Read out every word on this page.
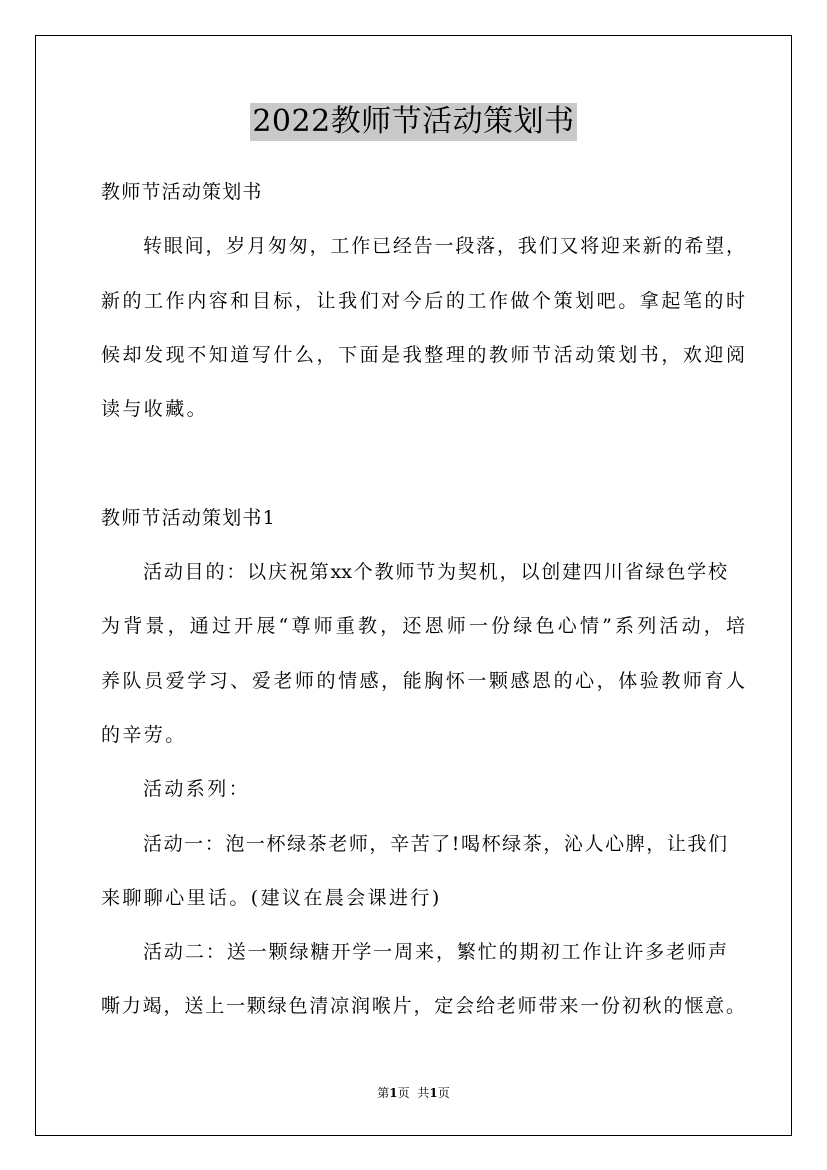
2022教师节活动策划书
教师节活动策划书
转眼间，岁月匆匆，工作已经告一段落，我们又将迎来新的希望，
新的工作内容和目标，让我们对今后的工作做个策划吧。拿起笔的时
候却发现不知道写什么，下面是我整理的教师节活动策划书，欢迎阅
读与收藏。
教师节活动策划书1
活动目的：以庆祝第xx个教师节为契机，以创建四川省绿色学校
为背景，通过开展“尊师重教，还恩师一份绿色心情”系列活动，培
养队员爱学习、爱老师的情感，能胸怀一颗感恩的心，体验教师育人
的辛劳。
活动系列：
活动一：泡一杯绿茶老师，辛苦了!喝杯绿茶，沁人心脾，让我们
来聊聊心里话。(建议在晨会课进行)
活动二：送一颗绿糖开学一周来，繁忙的期初工作让许多老师声
嘶力竭，送上一颗绿色清凉润喉片，定会给老师带来一份初秋的惬意。
第1页 共1页
